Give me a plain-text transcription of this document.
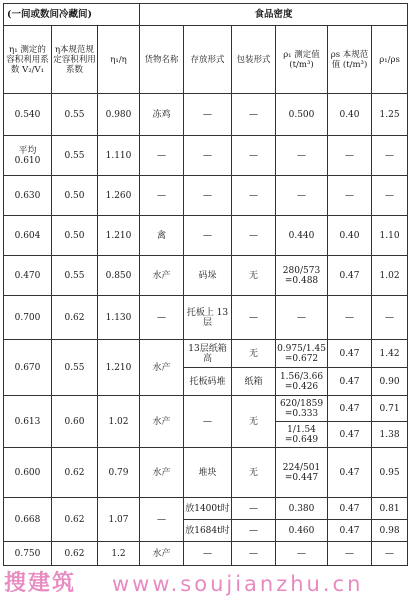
(一间或数间冷藏间)			食品密度					
η₁ 测定的容积利用系数 V₂/V₁	η本规范规定容积利用系数	η₁/η	货物名称	存放形式	包装形式	ρ₁ 测定值 (t/m³)	ρs 本规范值 (t/m³)	ρ₁/ρs
0.540	0.55	0.980	冻鸡	—	—	0.500	0.40	1.25
平均 0.610	0.55	1.110	—	—	—	—	—	—
0.630	0.50	1.260	—	—	—	—	—	—
0.604	0.50	1.210	禽	—	—	0.440	0.40	1.10
0.470	0.55	0.850	水产	码垛	无	280/573 =0.488	0.47	1.02
0.700	0.62	1.130	—	托板上 13层	—	—	—	—
0.670	0.55	1.210	水产	13层纸箱高	无	0.975/1.45 =0.672	0.47	1.42
				托板码堆	纸箱	1.56/3.66 =0.426	0.47	0.90
0.613	0.60	1.02	水产	—	无	620/1859 =0.333	0.47	0.71
						1/1.54 =0.649	0.47	1.38
0.600	0.62	0.79	水产	堆块	无	224/501 =0.447	0.47	0.95
0.668	0.62	1.07	—	放1400t时	—	0.380	0.47	0.81
				放1684t时	—	0.460	0.47	0.98
0.750	0.62	1.2	水产	—	—	—	—	—
搜建筑 www.soujianzhu.cn
